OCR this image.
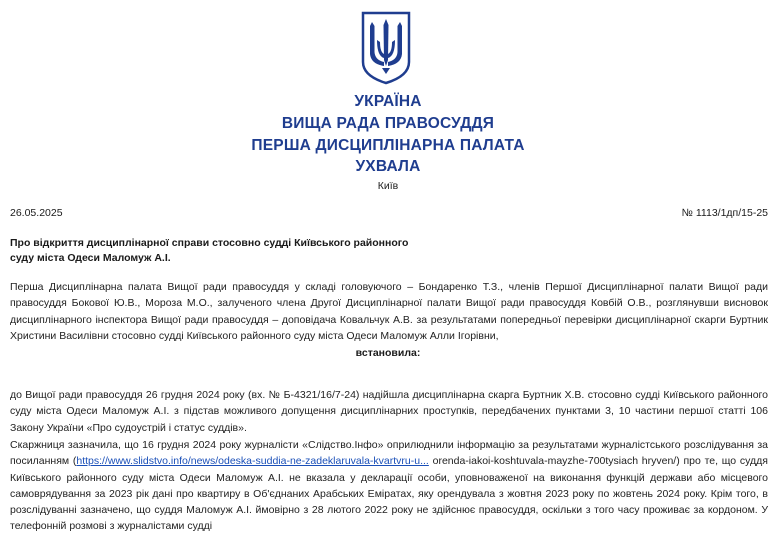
УКРАЇНА
ВИЩА РАДА ПРАВОСУДДЯ
ПЕРША ДИСЦИПЛІНАРНА ПАЛАТА
УХВАЛА
Київ
26.05.2025	№ 1113/1дп/15-25
Про відкриття дисциплінарної справи стосовно судді Київського районного суду міста Одеси Маломуж А.І.
Перша Дисциплінарна палата Вищої ради правосуддя у складі головуючого – Бондаренко Т.З., членів Першої Дисциплінарної палати Вищої ради правосуддя Бокової Ю.В., Мороза М.О., залученого члена Другої Дисциплінарної палати Вищої ради правосуддя Ковбій О.В., розглянувши висновок дисциплінарного інспектора Вищої ради правосуддя – доповідача Ковальчук А.В. за результатами попередньої перевірки дисциплінарної скарги Буртник Христини Василівни стосовно судді Київського районного суду міста Одеси Маломуж Алли Ігорівни,
встановила:
до Вищої ради правосуддя 26 грудня 2024 року (вх. № Б-4321/16/7-24) надійшла дисциплінарна скарга Буртник Х.В. стосовно судді Київського районного суду міста Одеси Маломуж А.І. з підстав можливого допущення дисциплінарних проступків, передбачених пунктами 3, 10 частини першої статті 106 Закону України «Про судоустрій і статус суддів».
Скаржниця зазначила, що 16 грудня 2024 року журналісти «Слідство.Інфо» оприлюднили інформацію за результатами журналістського розслідування за посиланням (https://www.slidstvo.info/news/odeska-suddia-ne-zadeklaruvala-kvartvru-u... orenda-iakoi-koshtuvala-mayzhe-700tysiach hryven/) про те, що суддя Київського районного суду міста Одеси Маломуж А.І. не вказала у декларації особи, уповноваженої на виконання функцій держави або місцевого самоврядування за 2023 рік дані про квартиру в Об'єднаних Арабських Еміратах, яку орендувала з жовтня 2023 року по жовтень 2024 року. Крім того, в розслідуванні зазначено, що суддя Маломуж А.І. ймовірно з 28 лютого 2022 року не здійснює правосуддя, оскільки з того часу проживає за кордоном. У телефонній розмові з журналістами судді
